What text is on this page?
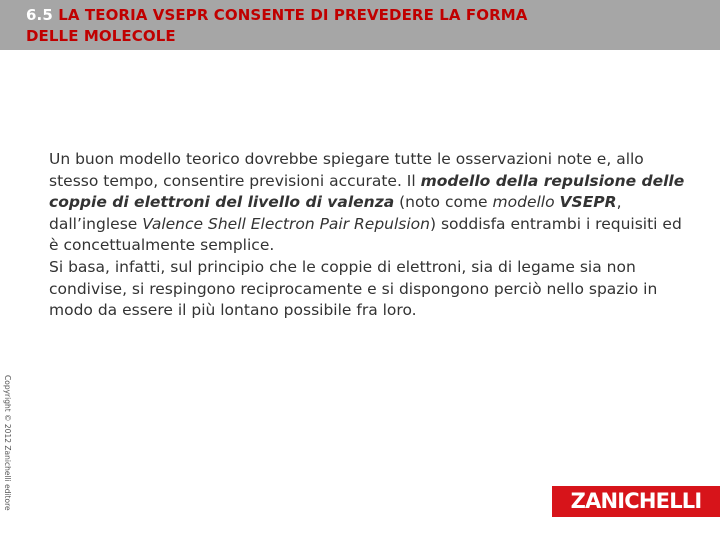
6.5 LA TEORIA VSEPR CONSENTE DI PREVEDERE LA FORMA
DELLE MOLECOLE

Un buon modello teorico dovrebbe spiegare tutte le osservazioni note e, allo stesso tempo, consentire previsioni accurate. Il modello della repulsione delle coppie di elettroni del livello di valenza (noto come modello VSEPR, dall’inglese Valence Shell Electron Pair Repulsion) soddisfa entrambi i requisiti ed è concettualmente semplice.

Si basa, infatti, sul principio che le coppie di elettroni, sia di legame sia non condivise, si respingono reciprocamente e si dispongono perciò nello spazio in modo da essere il più lontano possibile fra loro.

Copyright © 2012 Zanichelli editore	ZANICHELLI
